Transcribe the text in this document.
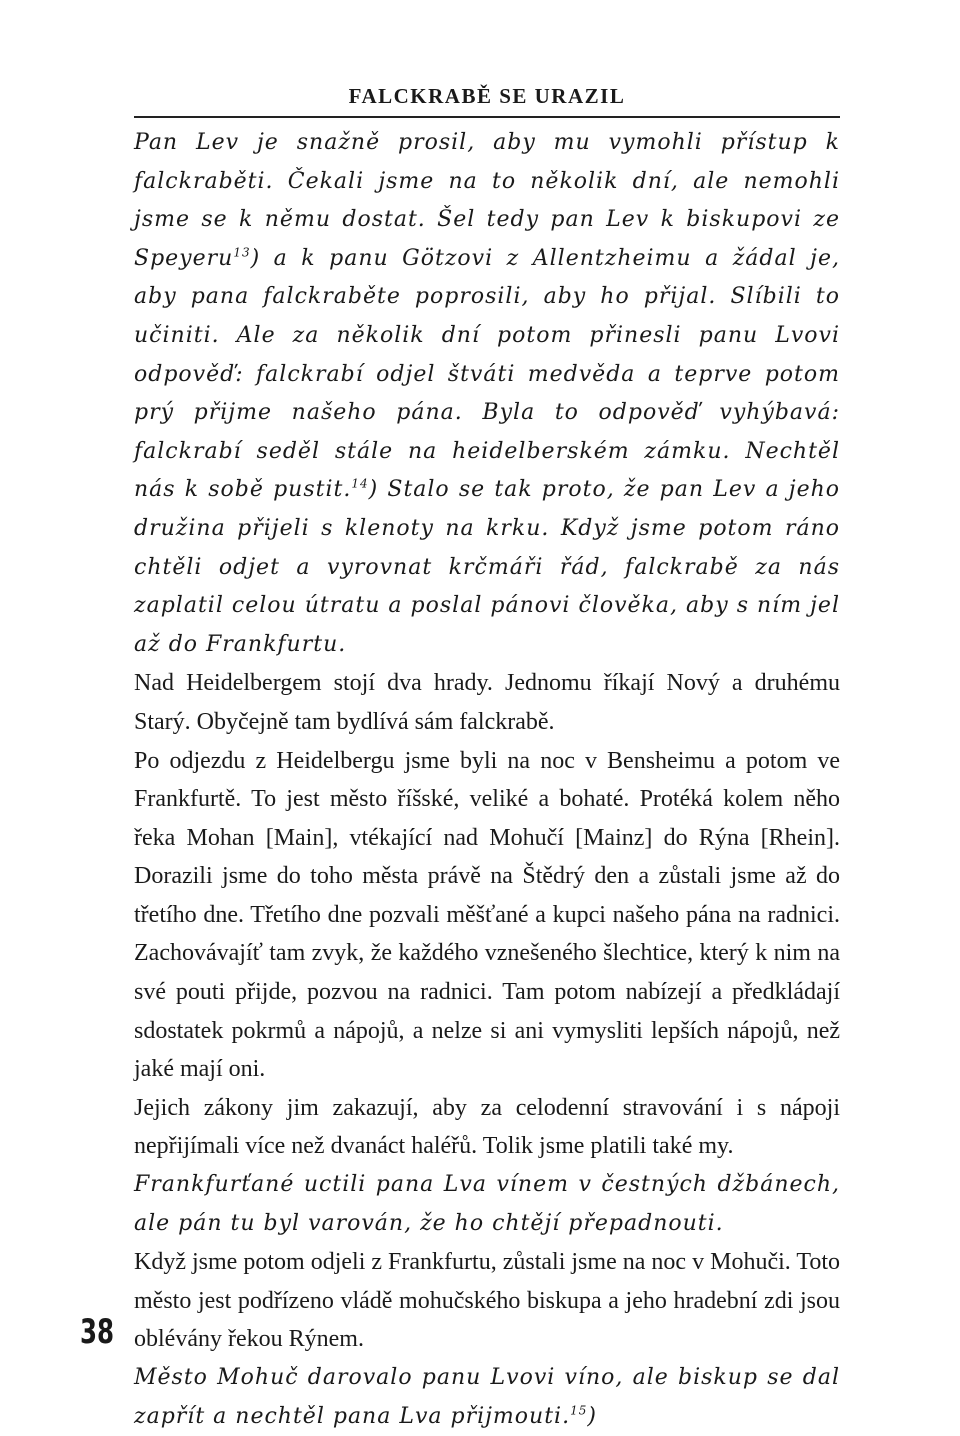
FALCKRABĚ SE URAZIL

Pan Lev je snažně prosil, aby mu vymohli přístup k falckraběti. Čekali jsme na to několik dní, ale nemohli jsme se k němu dostat. Šel tedy pan Lev k biskupovi ze Speyeru$^{13}$) a k panu Götzovi z Allentzheimu a žádal je, aby pana falckraběte poprosili, aby ho přijal. Slíbili to učiniti. Ale za několik dní potom přinesli panu Lvovi odpověď: falckrabí odjel štváti medvěda a teprve potom prý přijme našeho pána. Byla to odpověď vyhýbavá: falckrabí seděl stále na heidelberském zámku. Nechtěl nás k sobě pustit.$^{14}$) Stalo se tak proto, že pan Lev a jeho družina přijeli s klenoty na krku. Když jsme potom ráno chtěli odjet a vyrovnat krčmáři řád, falckrabě za nás zaplatil celou útratu a poslal pánovi člověka, aby s ním jel až do Frankfurtu.

Nad Heidelbergem stojí dva hrady. Jednomu říkají Nový a druhému Starý. Obyčejně tam bydlívá sám falckrabě.

Po odjezdu z Heidelbergu jsme byli na noc v Bensheimu a potom ve Frankfurtě. To jest město říšské, veliké a bohaté. Protéká kolem něho řeka Mohan [Main], vtékající nad Mohučí [Mainz] do Rýna [Rhein]. Dorazili jsme do toho města právě na Štědrý den a zůstali jsme až do třetího dne. Třetího dne pozvali měšťané a kupci našeho pána na radnici. Zachovávajíť tam zvyk, že každého vznešeného šlechtice, který k nim na své pouti přijde, pozvou na radnici. Tam potom nabízejí a předkládají sdostatek pokrmů a nápojů, a nelze si ani vymysliti lepších nápojů, než jaké mají oni.

Jejich zákony jim zakazují, aby za celodenní stravování i s nápoji nepřijímali více než dvanáct haléřů. Tolik jsme platili také my.

Frankfurťané uctili pana Lva vínem v čestných džbánech, ale pán tu byl varován, že ho chtějí přepadnouti.

Když jsme potom odjeli z Frankfurtu, zůstali jsme na noc v Mohuči. Toto město jest podřízeno vládě mohučského biskupa a jeho hradební zdi jsou oblévány řekou Rýnem.

Město Mohuč darovalo panu Lvovi víno, ale biskup se dal zapřít a nechtěl pana Lva přijmouti.$^{15}$)

38
